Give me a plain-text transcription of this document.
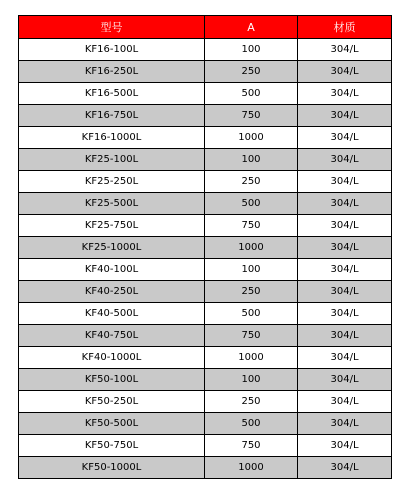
型号	A	材质
KF16-100L	100	304/L
KF16-250L	250	304/L
KF16-500L	500	304/L
KF16-750L	750	304/L
KF16-1000L	1000	304/L
KF25-100L	100	304/L
KF25-250L	250	304/L
KF25-500L	500	304/L
KF25-750L	750	304/L
KF25-1000L	1000	304/L
KF40-100L	100	304/L
KF40-250L	250	304/L
KF40-500L	500	304/L
KF40-750L	750	304/L
KF40-1000L	1000	304/L
KF50-100L	100	304/L
KF50-250L	250	304/L
KF50-500L	500	304/L
KF50-750L	750	304/L
KF50-1000L	1000	304/L
